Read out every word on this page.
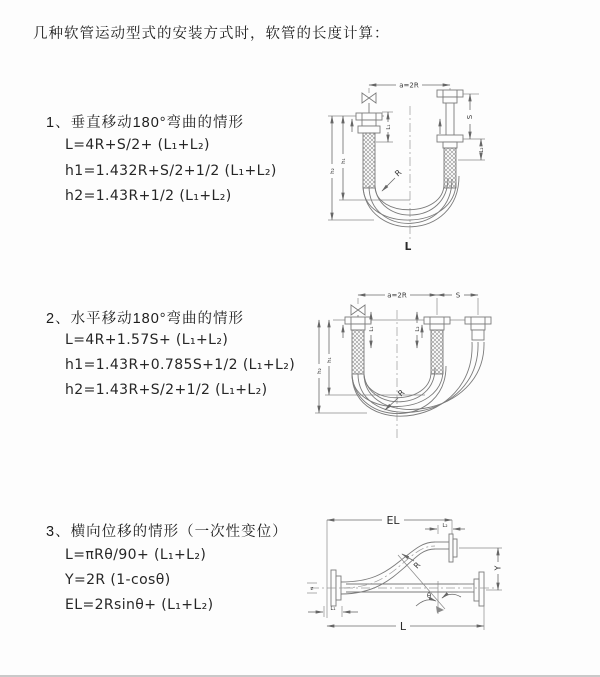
几种软管运动型式的安装方式时，软管的长度计算：
1、垂直移动180°弯曲的情形
L=4R+S/2+ (L₁+L₂)
h1=1.432R+S/2+1/2 (L₁+L₂)
h2=1.43R+1/2 (L₁+L₂)
2、水平移动180°弯曲的情形
L=4R+1.57S+ (L₁+L₂)
h1=1.43R+0.785S+1/2 (L₁+L₂)
h2=1.43R+S/2+1/2 (L₁+L₂)
3、横向位移的情形（一次性变位）
L=πRθ/90+ (L₁+L₂)
Y=2R (1-cosθ)
EL=2Rsinθ+ (L₁+L₂)
a=2R
L₁
S
L₂
h₁
h₂	R
L
a=2R	S
L₁	L₂
h₁
h₂
R
EL	L₂
Y
z
L₁
L
R
θ
